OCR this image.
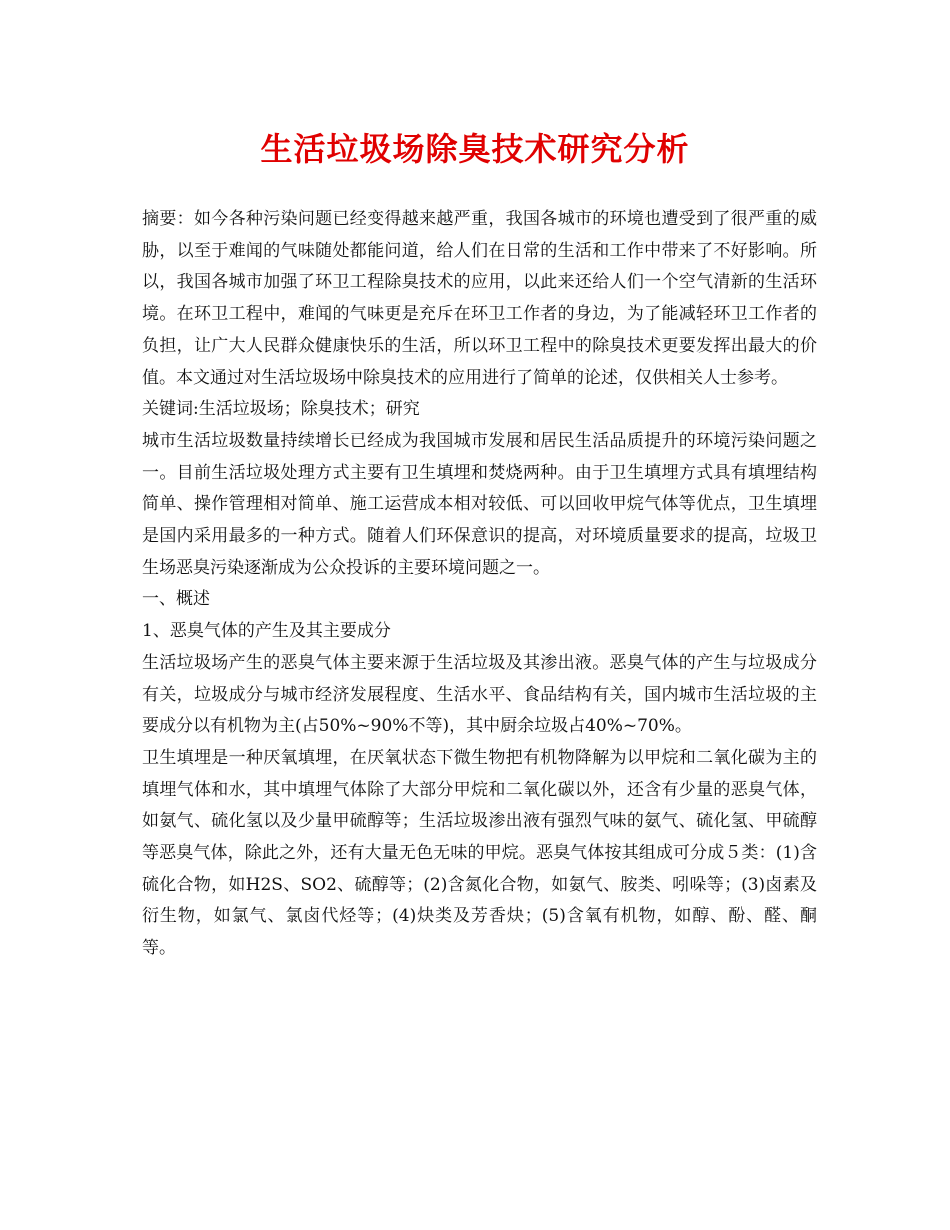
生活垃圾场除臭技术研究分析

摘要：如今各种污染问题已经变得越来越严重，我国各城市的环境也遭受到了很严重的威胁，以至于难闻的气味随处都能问道，给人们在日常的生活和工作中带来了不好影响。所以，我国各城市加强了环卫工程除臭技术的应用，以此来还给人们一个空气清新的生活环境。在环卫工程中，难闻的气味更是充斥在环卫工作者的身边，为了能减轻环卫工作者的负担，让广大人民群众健康快乐的生活，所以环卫工程中的除臭技术更要发挥出最大的价值。本文通过对生活垃圾场中除臭技术的应用进行了简单的论述，仅供相关人士参考。

关键词:生活垃圾场；除臭技术；研究

城市生活垃圾数量持续增长已经成为我国城市发展和居民生活品质提升的环境污染问题之一。目前生活垃圾处理方式主要有卫生填埋和焚烧两种。由于卫生填埋方式具有填埋结构简单、操作管理相对简单、施工运营成本相对较低、可以回收甲烷气体等优点，卫生填埋是国内采用最多的一种方式。随着人们环保意识的提高，对环境质量要求的提高，垃圾卫生场恶臭污染逐渐成为公众投诉的主要环境问题之一。

一、概述

1、恶臭气体的产生及其主要成分

生活垃圾场产生的恶臭气体主要来源于生活垃圾及其渗出液。恶臭气体的产生与垃圾成分有关，垃圾成分与城市经济发展程度、生活水平、食品结构有关，国内城市生活垃圾的主要成分以有机物为主(占50%~90%不等)，其中厨余垃圾占40%~70%。

卫生填埋是一种厌氧填埋，在厌氧状态下微生物把有机物降解为以甲烷和二氧化碳为主的填埋气体和水，其中填埋气体除了大部分甲烷和二氧化碳以外，还含有少量的恶臭气体，如氨气、硫化氢以及少量甲硫醇等；生活垃圾渗出液有强烈气味的氨气、硫化氢、甲硫醇等恶臭气体，除此之外，还有大量无色无味的甲烷。恶臭气体按其组成可分成５类：(1)含硫化合物，如H2S、SO2、硫醇等；(2)含氮化合物，如氨气、胺类、吲哚等；(3)卤素及衍生物，如氯气、氯卤代烃等；(4)炔类及芳香炔；(5)含氧有机物，如醇、酚、醛、酮等。
